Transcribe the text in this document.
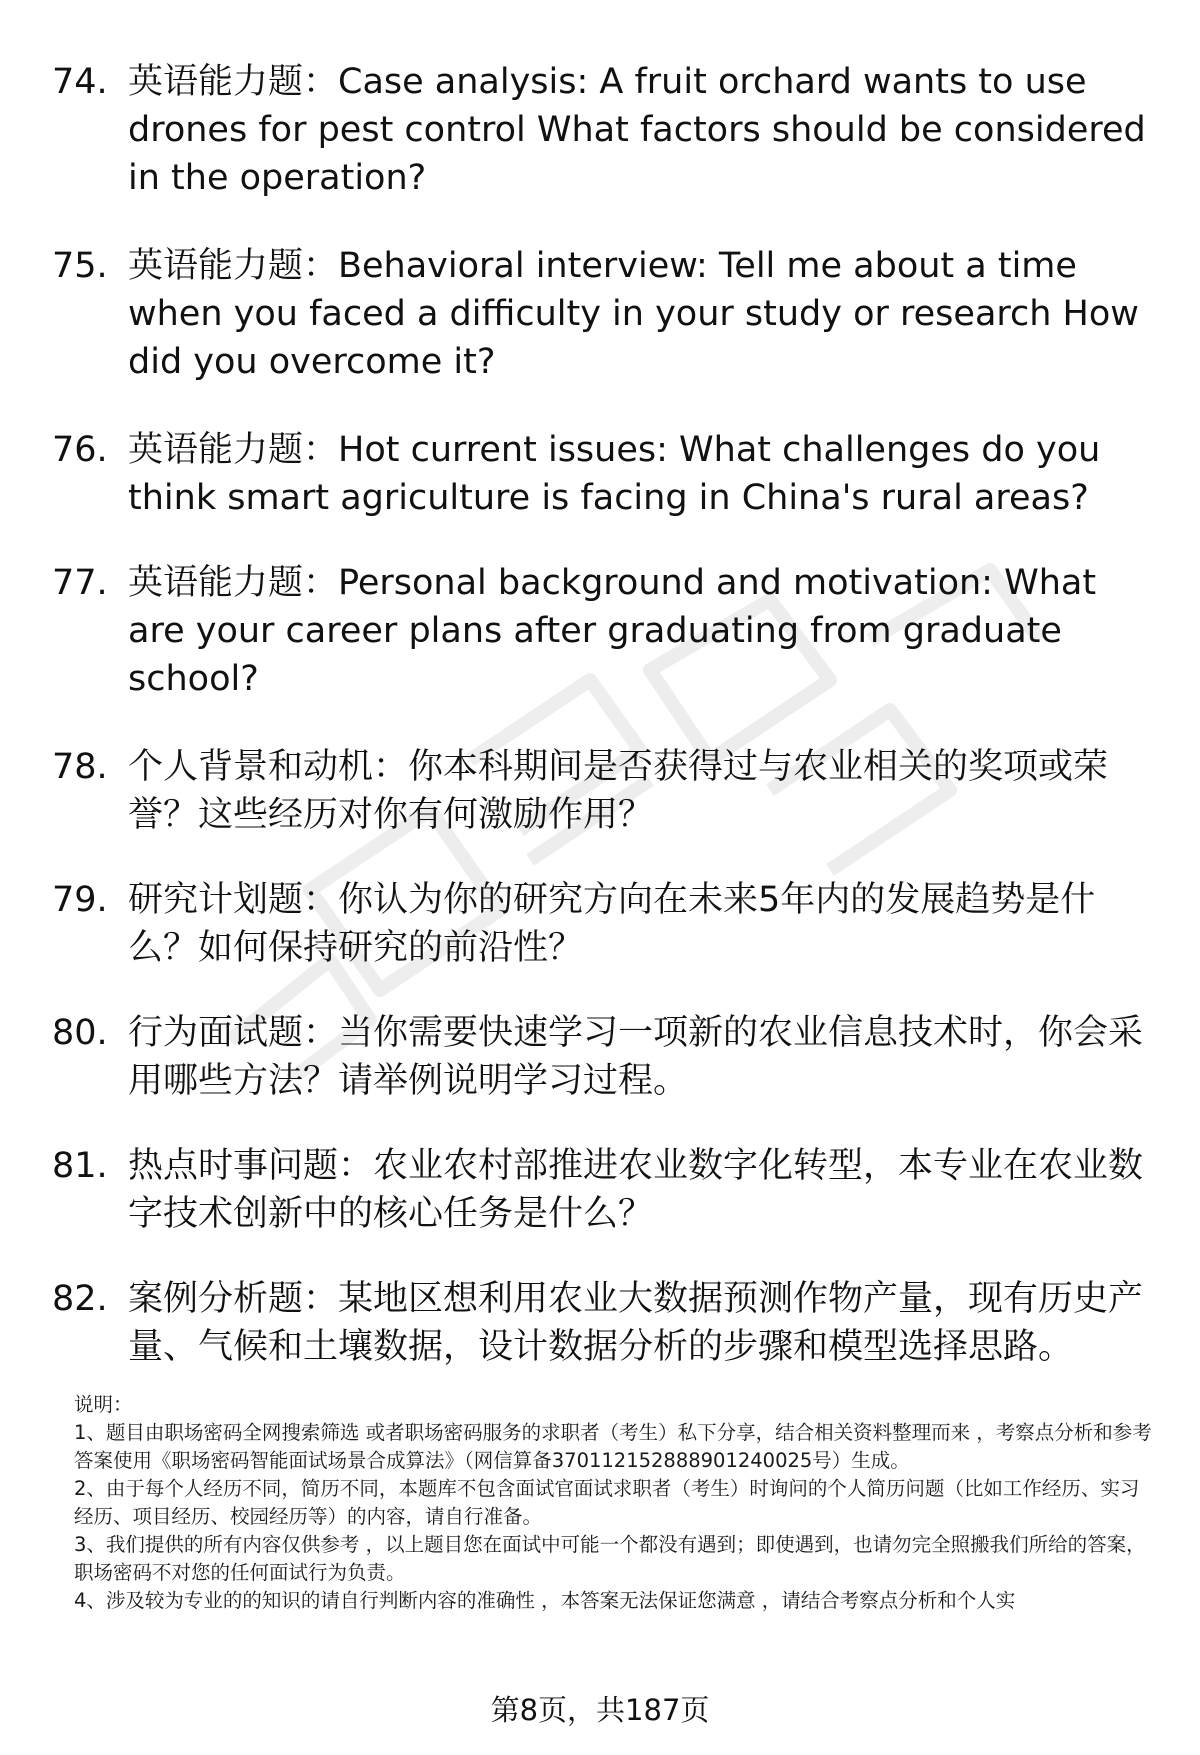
74. 英语能力题：Case analysis: A fruit orchard wants to use drones for pest control What factors should be considered in the operation?
75. 英语能力题：Behavioral interview: Tell me about a time when you faced a difficulty in your study or research How did you overcome it?
76. 英语能力题：Hot current issues: What challenges do you think smart agriculture is facing in China's rural areas?
77. 英语能力题：Personal background and motivation: What are your career plans after graduating from graduate school?
78. 个人背景和动机：你本科期间是否获得过与农业相关的奖项或荣誉？这些经历对你有何激励作用？
79. 研究计划题：你认为你的研究方向在未来5年内的发展趋势是什么？如何保持研究的前沿性？
80. 行为面试题：当你需要快速学习一项新的农业信息技术时，你会采用哪些方法？请举例说明学习过程。
81. 热点时事问题：农业农村部推进农业数字化转型，本专业在农业数字技术创新中的核心任务是什么？
82. 案例分析题：某地区想利用农业大数据预测作物产量，现有历史产量、气候和土壤数据，设计数据分析的步骤和模型选择思路。

说明：

1、题目由职场密码全网搜索筛选 或者职场密码服务的求职者（考生）私下分享，结合相关资料整理而来 ，考察点分析和参考答案使用《职场密码智能面试场景合成算法》（网信算备370112152888901240025号）生成。

2、由于每个人经历不同，简历不同，本题库不包含面试官面试求职者（考生）时询问的个人简历问题（比如工作经历、实习经历、项目经历、校园经历等）的内容，请自行准备。

3、我们提供的所有内容仅供参考 ，以上题目您在面试中可能一个都没有遇到；即使遇到，也请勿完全照搬我们所给的答案，职场密码不对您的任何面试行为负责。

4、涉及较为专业的的知识的请自行判断内容的准确性 ，本答案无法保证您满意 ，请结合考察点分析和个人实

第8页，共187页
